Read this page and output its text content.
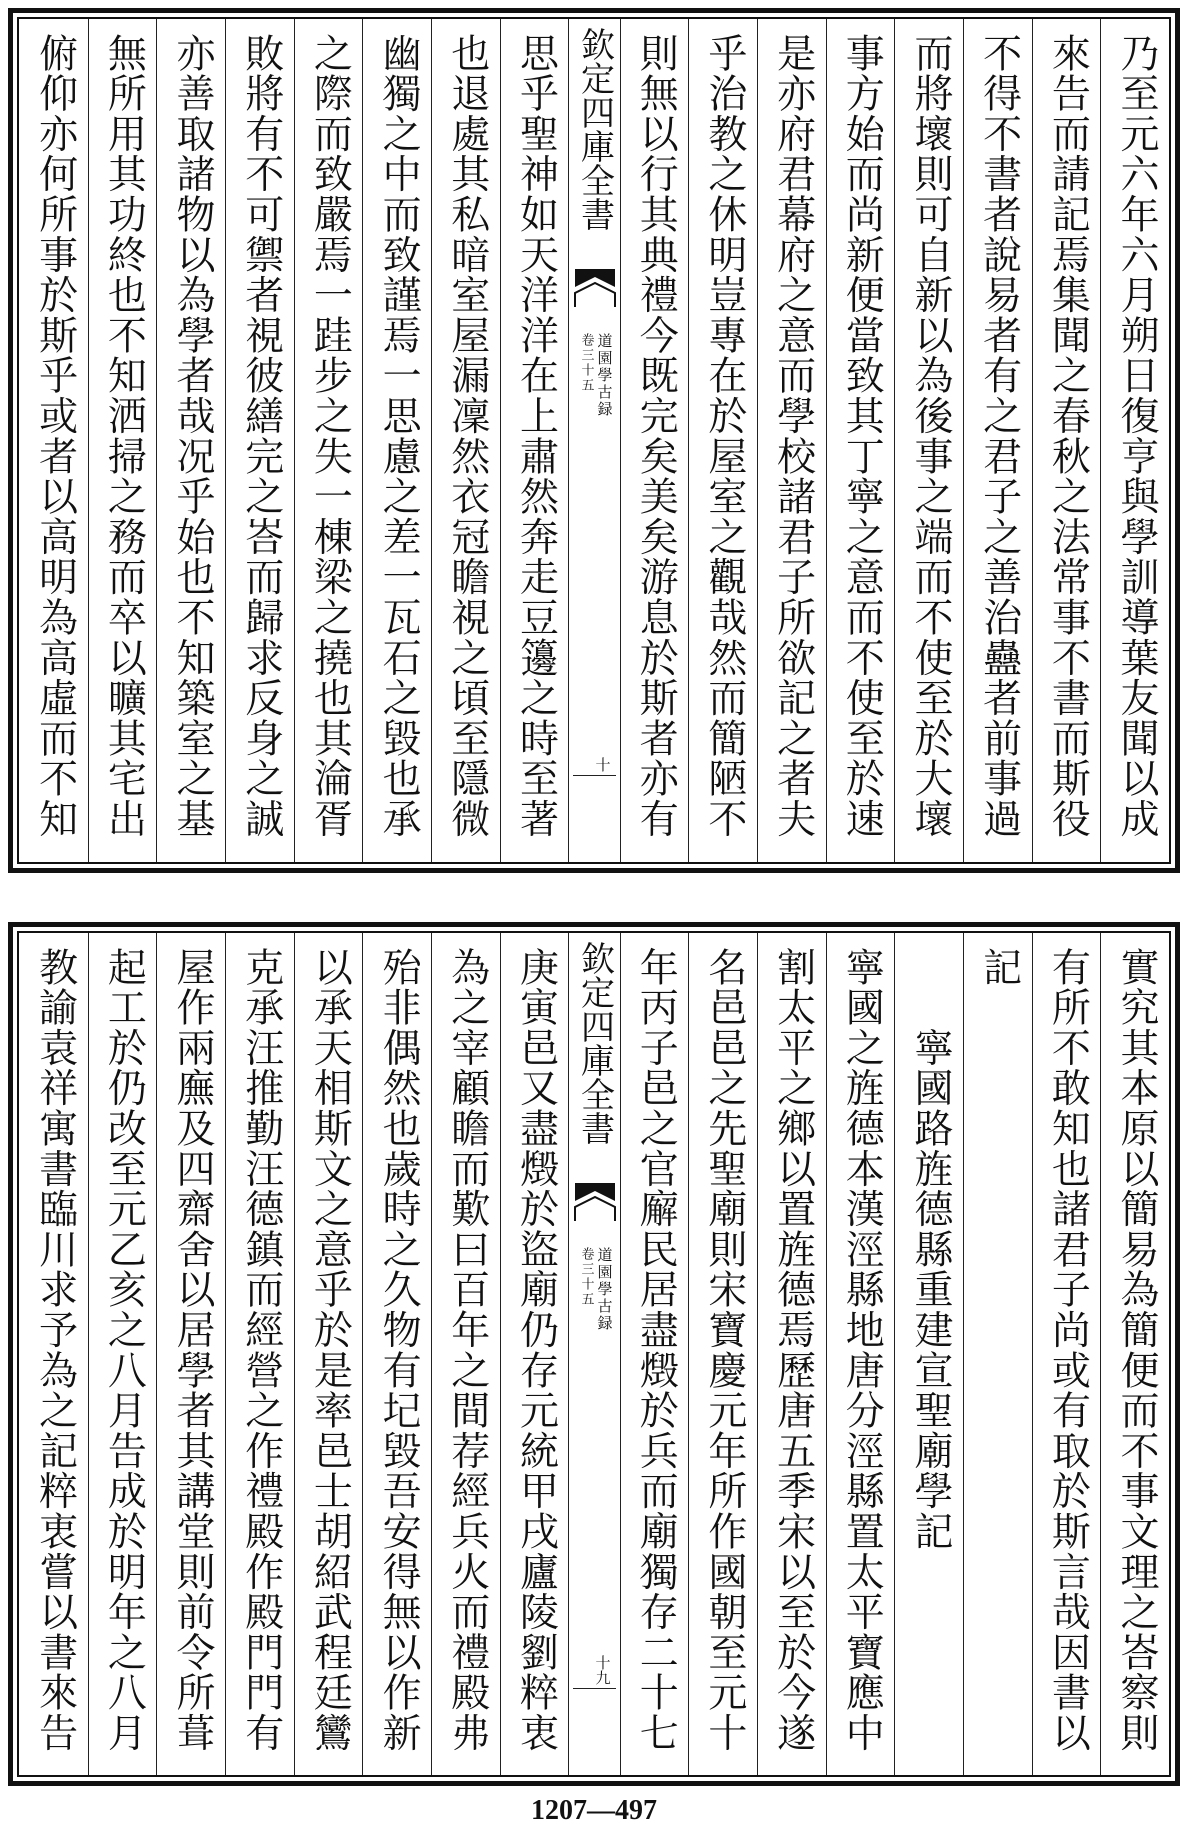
乃至元六年六月朔日復亨與學訓導葉友聞以成
來告而請記焉集聞之春秋之法常事不書而斯役
不得不書者說易者有之君子之善治蠱者前事過
而將壞則可自新以為後事之端而不使至於大壞
事方始而尚新便當致其丁寧之意而不使至於速
是亦府君幕府之意而學校諸君子所欲記之者夫
乎治教之休明豈專在於屋室之觀哉然而簡陋不
則無以行其典禮今既完矣美矣游息於斯者亦有
欽定四庫全書
道園學古録
卷三十五
十
思乎聖神如天洋洋在上肅然奔走豆籩之時至著
也退處其私暗室屋漏凜然衣冠瞻視之頃至隱微
幽獨之中而致謹焉一思慮之差一瓦石之毀也承
之際而致嚴焉一跬步之失一棟梁之撓也其淪胥
敗將有不可禦者視彼繕完之峇而歸求反身之誠
亦善取諸物以為學者哉况乎始也不知築室之基
無所用其功終也不知洒掃之務而卒以曠其宅出
俯仰亦何所事於斯乎或者以高明為高虛而不知
實究其本原以簡易為簡便而不事文理之峇察則
有所不敢知也諸君子尚或有取於斯言哉因書以
記
　　寧國路旌德縣重建宣聖廟學記
寧國之旌德本漢涇縣地唐分涇縣置太平寶應中
割太平之鄉以置旌德焉歷唐五季宋以至於今遂
名邑邑之先聖廟則宋寶慶元年所作國朝至元十
年丙子邑之官廨民居盡燬於兵而廟獨存二十七
欽定四庫全書
道園學古録
卷三十五
十九
庚寅邑又盡燬於盜廟仍存元統甲戌廬陵劉粹衷
為之宰顧瞻而歎曰百年之間荐經兵火而禮殿弗
殆非偶然也歲時之久物有圮毀吾安得無以作新
以承天相斯文之意乎於是率邑士胡紹武程廷鸞
克承汪推勤汪德鎮而經營之作禮殿作殿門門有
屋作兩廡及四齋舍以居學者其講堂則前令所葺
起工於仍改至元乙亥之八月告成於明年之八月
教諭袁祥寓書臨川求予為之記粹衷嘗以書來告
1207—497
